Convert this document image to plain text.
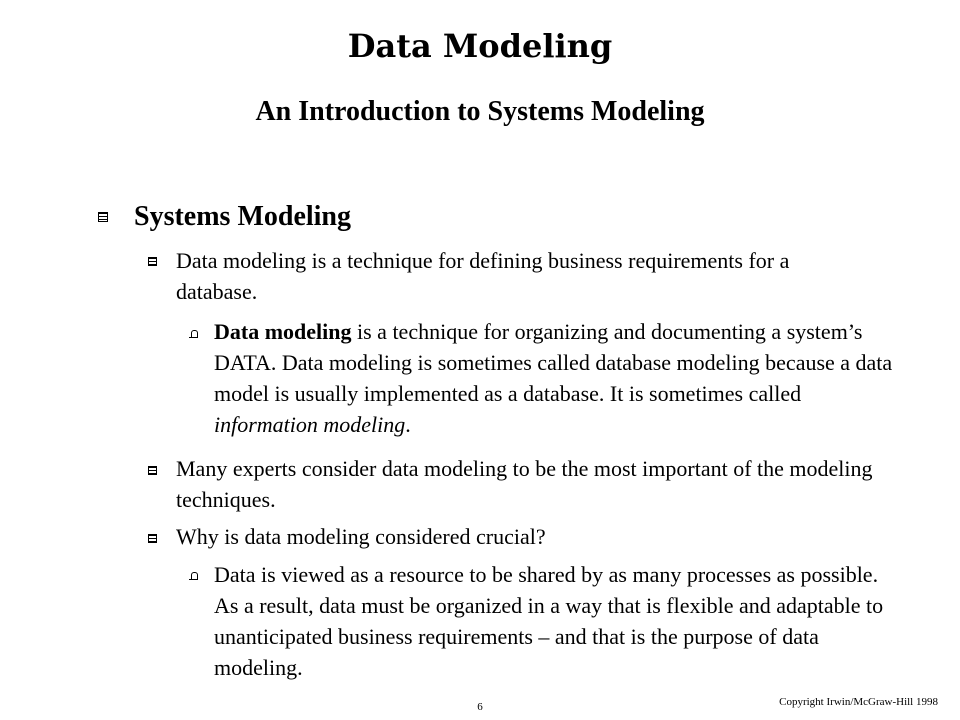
Data Modeling
An Introduction to Systems Modeling
Systems Modeling

Data modeling is a technique for defining business requirements for a database.

Data modeling is a technique for organizing and documenting a system’s DATA. Data modeling is sometimes called database modeling because a data model is usually implemented as a database. It is sometimes called information modeling.

Many experts consider data modeling to be the most important of the modeling techniques.

Why is data modeling considered crucial?

Data is viewed as a resource to be shared by as many processes as possible. As a result, data must be organized in a way that is flexible and adaptable to unanticipated business requirements – and that is the purpose of data modeling.

6	Copyright Irwin/McGraw-Hill 1998
